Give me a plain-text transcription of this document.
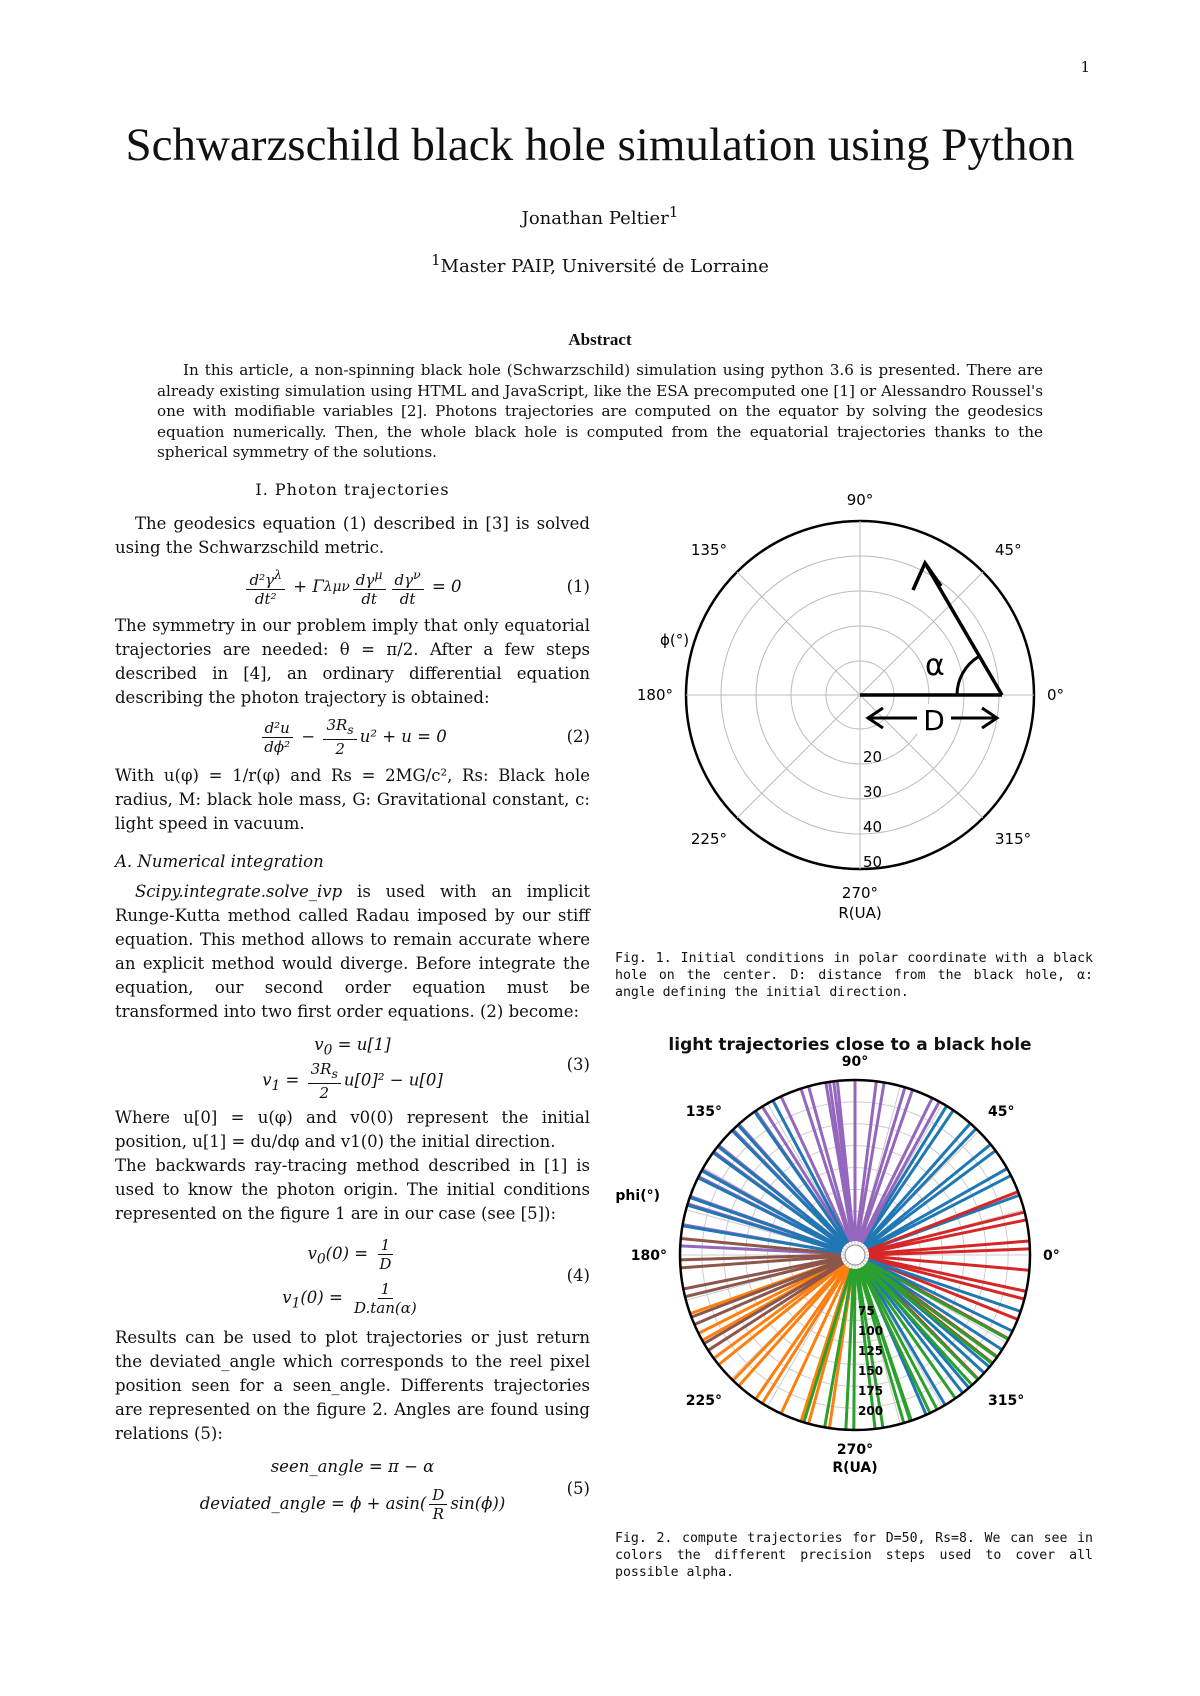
1
Schwarzschild black hole simulation using Python
Jonathan Peltier$^1$
$^1$Master PAIP, Université de Lorraine
Abstract
In this article, a non-spinning black hole (Schwarzschild) simulation using python 3.6 is presented. There are already existing simulation using HTML and JavaScript, like the ESA precomputed one [1] or Alessandro Roussel's one with modifiable variables [2]. Photons trajectories are computed on the equator by solving the geodesics equation numerically. Then, the whole black hole is computed from the equatorial trajectories thanks to the spherical symmetry of the solutions.
I. Photon trajectories

The geodesics equation (1) described in [3] is solved using the Schwarzschild metric.

$\frac{d^2\gamma^\lambda}{\text{dt²}} + \Gamma$ λ μν $\frac{d\gamma^\mu}{dt} \frac{d\gamma^\nu}{dt} = 0$	(1)

The symmetry in our problem imply that only equatorial trajectories are needed: θ = π/2. After a few steps described in [4], an ordinary differential equation describing the photon trajectory is obtained:

$\frac{\text{d²u}}{\text{dϕ²}} - \frac{3R_s}{2} u^2 + u = 0$	(2)

With u(φ) = 1/r(φ) and Rs = 2MG/c², Rs: Black hole radius, M: black hole mass, G: Gravitational constant, c: light speed in vacuum.

A. Numerical integration

Scipy.integrate.solve_ivp is used with an implicit Runge-Kutta method called Radau imposed by our stiff equation. This method allows to remain accurate where an explicit method would diverge. Before integrate the equation, our second order equation must be transformed into two first order equations. (2) become:

$v_0 = u[1]$
$v_1 = \frac{3R_s}{2} u[0]^2 - u[0]$
(3)

Where u[0] = u(φ) and v0(0) represent the initial position, u[1] = du/dφ and v1(0) the initial direction.

The backwards ray-tracing method described in [1] is used to know the photon origin. The initial conditions represented on the figure 1 are in our case (see [5]):

$v_0(0) = \frac{1}{D}$
$v_1(0) = \frac{1}{D.\tan(\alpha)}$
(4)

Results can be used to plot trajectories or just return the deviated_angle which corresponds to the reel pixel position seen for a seen_angle. Differents trajectories are represented on the figure 2. Angles are found using relations (5):

seen_angle = π − α
deviated_angle = $\phi + asin( \frac{D}{R} \sin(\phi))$
(5)
90°
45°
0°
315°
270°
225°
180°
135°
ϕ(°)
R(UA)
20
30
40
50
α
D
Fig. 1. Initial conditions in polar coordinate with a black hole on the center. D: distance from the black hole, α: angle defining the initial direction.
light trajectories close to a black hole
90°
45°
0°
315°
270°
225°
180°
135°
phi(°)
R(UA)
75
100
125
150
175
200
Fig. 2. compute trajectories for D=50, Rs=8. We can see in colors the different precision steps used to cover all possible alpha.
